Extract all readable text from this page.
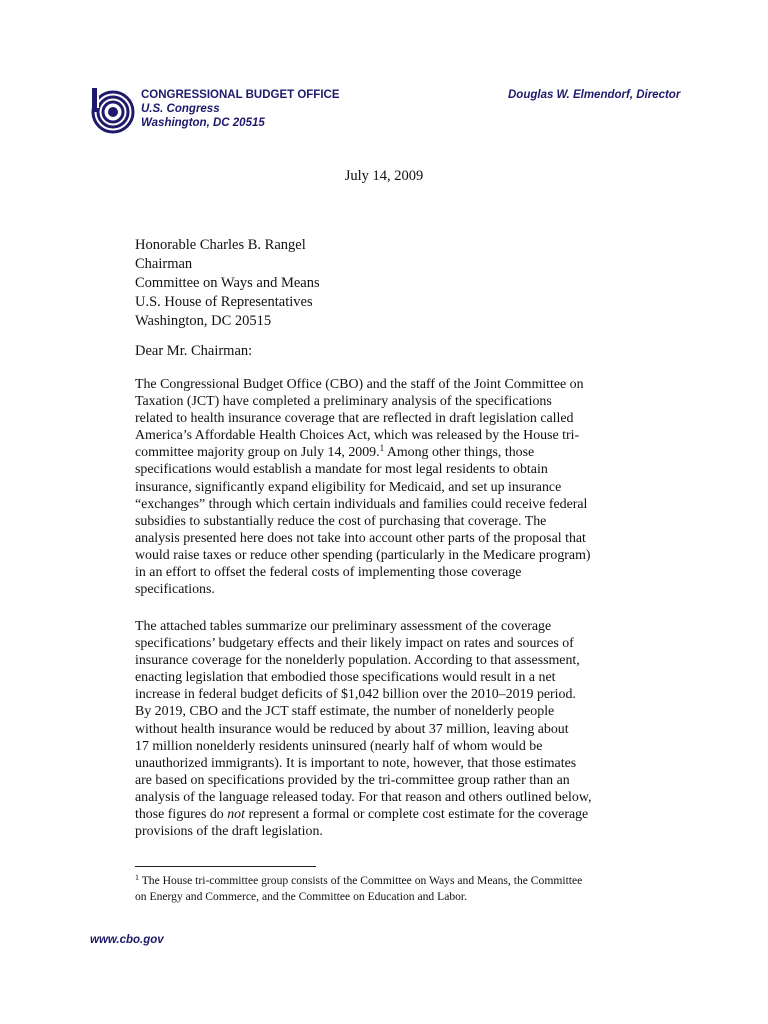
CONGRESSIONAL BUDGET OFFICE
U.S. Congress
Washington, DC 20515
Douglas W. Elmendorf, Director
July 14, 2009
Honorable Charles B. Rangel
Chairman
Committee on Ways and Means
U.S. House of Representatives
Washington, DC 20515
Dear Mr. Chairman:
The Congressional Budget Office (CBO) and the staff of the Joint Committee on
Taxation (JCT) have completed a preliminary analysis of the specifications
related to health insurance coverage that are reflected in draft legislation called
America’s Affordable Health Choices Act, which was released by the House tri-
committee majority group on July 14, 2009.$^1$ Among other things, those
specifications would establish a mandate for most legal residents to obtain
insurance, significantly expand eligibility for Medicaid, and set up insurance
“exchanges” through which certain individuals and families could receive federal
subsidies to substantially reduce the cost of purchasing that coverage. The
analysis presented here does not take into account other parts of the proposal that
would raise taxes or reduce other spending (particularly in the Medicare program)
in an effort to offset the federal costs of implementing those coverage
specifications.
The attached tables summarize our preliminary assessment of the coverage
specifications’ budgetary effects and their likely impact on rates and sources of
insurance coverage for the nonelderly population. According to that assessment,
enacting legislation that embodied those specifications would result in a net
increase in federal budget deficits of $1,042 billion over the 2010–2019 period.
By 2019, CBO and the JCT staff estimate, the number of nonelderly people
without health insurance would be reduced by about 37 million, leaving about
17 million nonelderly residents uninsured (nearly half of whom would be
unauthorized immigrants). It is important to note, however, that those estimates
are based on specifications provided by the tri-committee group rather than an
analysis of the language released today. For that reason and others outlined below,
those figures do not represent a formal or complete cost estimate for the coverage
provisions of the draft legislation.
$^1$ The House tri-committee group consists of the Committee on Ways and Means, the Committee
on Energy and Commerce, and the Committee on Education and Labor.
www.cbo.gov
